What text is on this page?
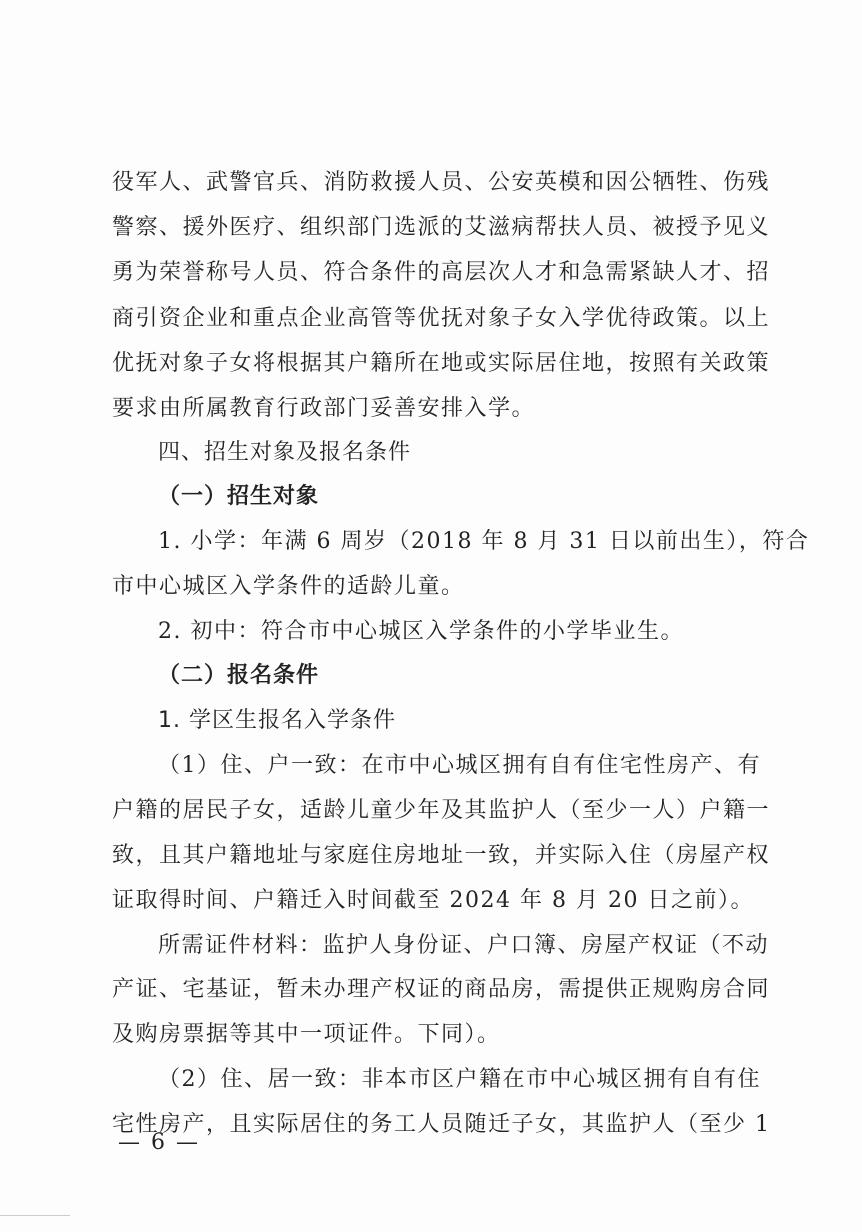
役军人、武警官兵、消防救援人员、公安英模和因公牺牲、伤残
警察、援外医疗、组织部门选派的艾滋病帮扶人员、被授予见义
勇为荣誉称号人员、符合条件的高层次人才和急需紧缺人才、招
商引资企业和重点企业高管等优抚对象子女入学优待政策。以上
优抚对象子女将根据其户籍所在地或实际居住地，按照有关政策
要求由所属教育行政部门妥善安排入学。
四、招生对象及报名条件
（一）招生对象
1. 小学：年满 6 周岁（2018 年 8 月 31 日以前出生），符合
市中心城区入学条件的适龄儿童。
2. 初中：符合市中心城区入学条件的小学毕业生。
（二）报名条件
1. 学区生报名入学条件
（1）住、户一致：在市中心城区拥有自有住宅性房产、有
户籍的居民子女，适龄儿童少年及其监护人（至少一人）户籍一
致，且其户籍地址与家庭住房地址一致，并实际入住（房屋产权
证取得时间、户籍迁入时间截至 2024 年 8 月 20 日之前）。
所需证件材料：监护人身份证、户口簿、房屋产权证（不动
产证、宅基证，暂未办理产权证的商品房，需提供正规购房合同
及购房票据等其中一项证件。下同）。
（2）住、居一致：非本市区户籍在市中心城区拥有自有住
宅性房产，且实际居住的务工人员随迁子女，其监护人（至少 1
— 6 —
